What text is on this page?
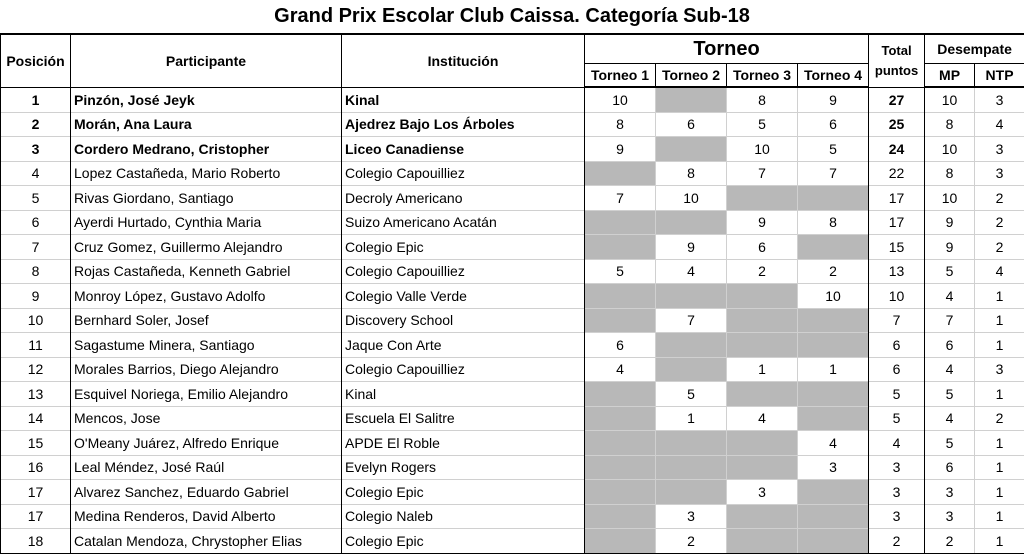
Grand Prix Escolar Club Caissa. Categoría Sub-18
Posición	Participante	Institución	Torneo				Total puntos	Desempate	
			Torneo 1	Torneo 2	Torneo 3	Torneo 4		MP	NTP
1	Pinzón, José Jeyk	Kinal	10		8	9	27	10	3
2	Morán, Ana Laura	Ajedrez Bajo Los Árboles	8	6	5	6	25	8	4
3	Cordero Medrano, Cristopher	Liceo Canadiense	9		10	5	24	10	3
4	Lopez Castañeda, Mario Roberto	Colegio Capouilliez		8	7	7	22	8	3
5	Rivas Giordano, Santiago	Decroly Americano	7	10			17	10	2
6	Ayerdi Hurtado, Cynthia Maria	Suizo Americano Acatán			9	8	17	9	2
7	Cruz Gomez, Guillermo Alejandro	Colegio Epic		9	6		15	9	2
8	Rojas Castañeda, Kenneth Gabriel	Colegio Capouilliez	5	4	2	2	13	5	4
9	Monroy López, Gustavo Adolfo	Colegio Valle Verde				10	10	4	1
10	Bernhard Soler, Josef	Discovery School		7			7	7	1
11	Sagastume Minera, Santiago	Jaque Con Arte	6				6	6	1
12	Morales Barrios, Diego Alejandro	Colegio Capouilliez	4		1	1	6	4	3
13	Esquivel Noriega, Emilio Alejandro	Kinal		5			5	5	1
14	Mencos, Jose	Escuela El Salitre		1	4		5	4	2
15	O'Meany Juárez, Alfredo Enrique	APDE El Roble				4	4	5	1
16	Leal Méndez, José Raúl	Evelyn Rogers				3	3	6	1
17	Alvarez Sanchez, Eduardo Gabriel	Colegio Epic			3		3	3	1
17	Medina Renderos, David Alberto	Colegio Naleb		3			3	3	1
18	Catalan Mendoza, Chrystopher Elias	Colegio Epic		2			2	2	1
